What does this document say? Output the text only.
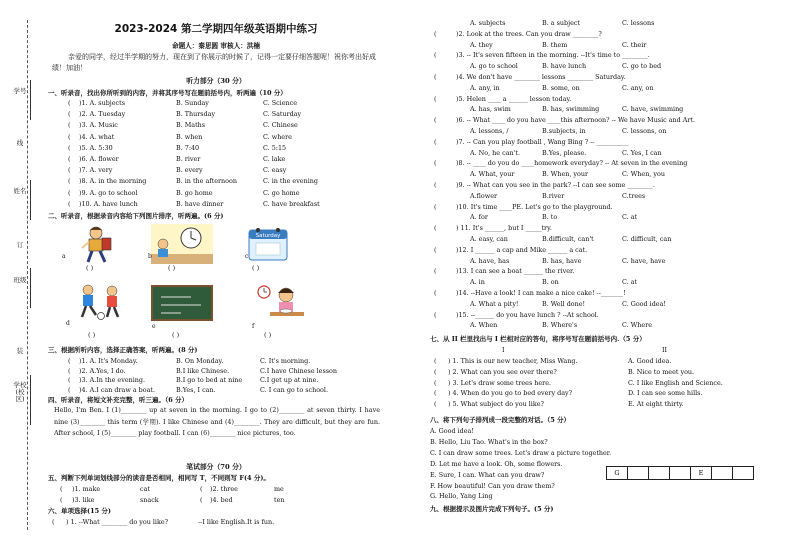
学号
线
姓名
订
班级
装
学校(校区)
2023-2024 第二学期四年级英语期中练习
命题人：秦思圆 审核人：洪楠
亲爱的同学，经过半学期的努力，现在到了你展示的时候了，记得一定要仔细答题呢！祝你考出好成绩！加油！
听力部分（30 分）
一、听录音，找出你所听到的内容，并将其序号写在题前括号内，听两遍（10 分）
( )1. A. subjects	B. Sunday	C. Science
( )2. A. Tuesday	B. Thursday	C. Saturday
( )3. A. Music	B. Maths	C. Chinese
( )4. A. what	B. when	C. where
( )5. A. 5:30	B. 7:40	C. 5:15
( )6. A. flower	B. river	C. lake
( )7. A. very	B. every	C. easy
( )8. A. in the morning	B. in the afternoon	C. in the evening
( )9. A. go to school	B. go home	C. go home
( )10. A. have lunch	B. have dinner	C. have breakfast
二、听录音，根据录音内容给下列图片排序，听两遍。(6 分)
a
( )
b
( )
Saturday
c
( )
d
( )
e
( )
f
( )
三、根据所听内容，选择正确答案，听两遍。(8 分)
( )1. A. It's Monday.	B. On Monday.	C. It's morning.
( )2. A.Yes, I do.	B.I like Chinese.	C.I have Chinese lesson
( )3. A.In the evening.	B.I go to bed at nine	C.I get up at nine.
( )4. A.I can draw a boat.	B.Yes, I can.	C. I can go to school.
四、听录音，将短文补充完整，听三遍。（6 分）
Hello, I'm Ben. I (1)________ up at seven in the morning. I go to (2)________ at seven thirty. I have nine (3)________ this term (学期). I like Chinese and (4)________. They are difficult, but they are fun. After school, I (5)________ play football. I can (6)________ nice pictures, too.
笔试部分（70 分）
五、判断下列单词划线部分的读音是否相同，相同写 T，不同则写 F(4 分)。
( )1. make	cat	( )2. three	me
( )3. like	snack	( )4. bed	ten
六、单项选择(15 分)
( ) 1. --What ________ do you like?	--I like English.It is fun.
A. subjects	B. a subject	C. lessons
(	)2. Look at the trees. Can you draw ________?
A. they	B. them	C. their
(	)3. -- It's seven fifteen in the morning. --It's time to ________.
A. go to school	B. have lunch	C. go to bed
(	)4. We don't have ________ lessons ________ Saturday.
A. any, in	B. some, on	C. any, on
(	)5. Helen ____ a ______ lesson today.
A. has, swim	B. has, swimming	C. have, swimming
(	)6. -- What ____ do you have ____this afternoon? -- We have Music and Art.
A. lessons, /	B.subjects, in	C. lessons, on
(	)7. -- Can you play football , Wang Bing ? -- __________
A. No, he can't.	B.Yes, please.	C. Yes, I can
(	)8. -- ____ do you do ____homework everyday? -- At seven in the evening
A. What, your	B. When, your	C. When, you
(	)9. -- What can you see in the park? --I can see some ________.
A.flower	B.river	C.trees
(	)10. It's time ____PE. Let's go to the playground.
A. for	B. to	C. at
(	) 11. It's ______, but I _____try.
A. easy, can	B.difficult, can't	C. difficult, can
(	)12. I ______ a cap and Mike ______ a cat.
A. have, has	B. has, have	C. have, have
(	)13. I can see a boat ______ the river.
A. in	B. on	C. at
(	)14. --Have a look! I can make a nice cake! --_______!
A. What a pity!	B. Well done!	C. Good idea!
(	)15. --______ do you have lunch ? --At school.
A. When	B. Where's	C. Where
七、从 II 栏里找出与 I 栏相对应的答句，将序号写在题前括号内.（5 分）
I	II
( ) 1. This is our new teacher, Miss Wang.	A. Good idea.
( ) 2. What can you see over there?	B. Nice to meet you.
( ) 3. Let's draw some trees here.	C. I like English and Science.
( ) 4. When do you go to bed every day?	D. I can see some hills.
( ) 5. What subject do you like?	E. At eight thirty.
八、将下列句子排列成一段完整的对话。（5 分）
A. Good idea!
B. Hello, Liu Tao. What's in the box?
C. I can draw some trees. Let's draw a picture together.
D. Let me have a look. Oh, some flowers.
E. Sure, I can. What can you draw?
F. How beautiful! Can you draw them?
G. Hello, Yang Ling
G	E
九、根据提示及图片完成下列句子。(5 分)
